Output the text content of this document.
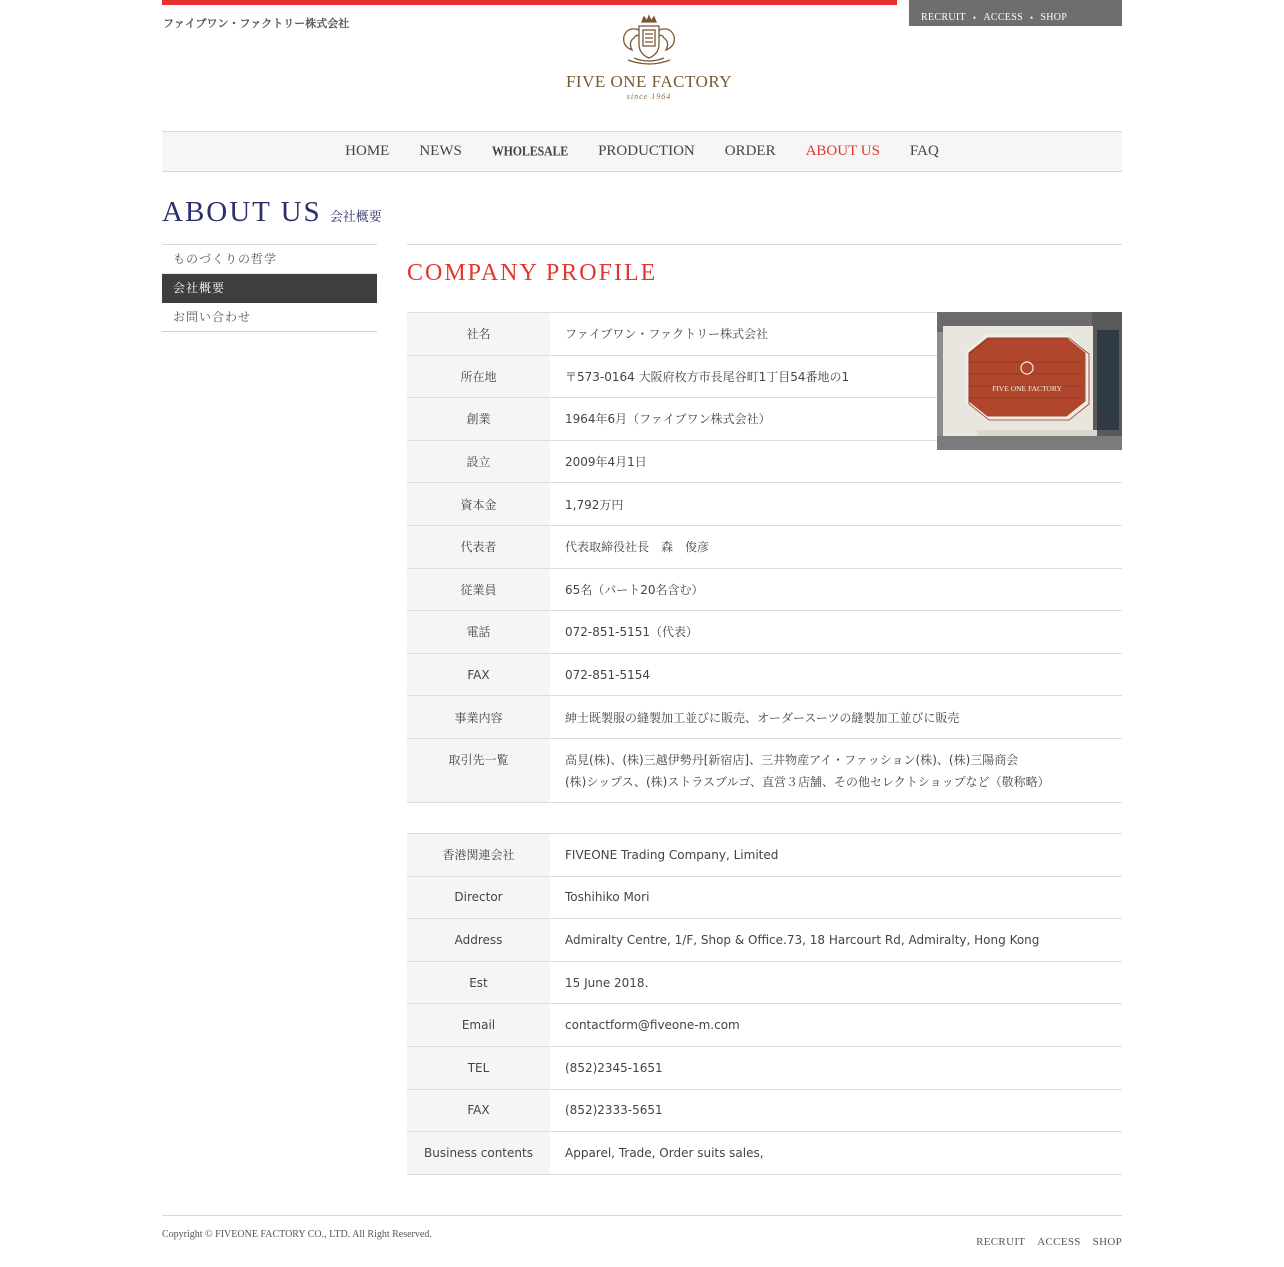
ファイブワン・ファクトリー株式会社	RECRUIT • ACCESS • SHOP
FIVE ONE FACTORY
since 1964
HOME NEWS	WHOLESALE PRODUCTION ORDER ABOUT US FAQ
ABOUT US 会社概要
ものづくりの哲学
会社概要
お問い合わせ
COMPANY PROFILE
社名	ファイブワン・ファクトリー株式会社
所在地	〒573-0164 大阪府枚方市長尾谷町1丁目54番地の1
創業	1964年6月（ファイブワン株式会社）
設立	2009年4月1日
資本金	1,792万円
代表者	代表取締役社長　森　俊彦
従業員	65名（パート20名含む）
電話	072-851-5151（代表）
FAX	072-851-5154
事業内容	紳士既製服の縫製加工並びに販売、オーダースーツの縫製加工並びに販売
取引先一覧	高見(株)、(株)三越伊勢丹[新宿店]、三井物産アイ・ファッション(株)、(株)三陽商会
(株)シップス、(株)ストラスブルゴ、直営３店舗、その他セレクトショップなど（敬称略）
FIVE ONE FACTORY
香港関連会社	FIVEONE Trading Company, Limited
Director	Toshihiko Mori
Address	Admiralty Centre, 1/F, Shop & Office.73, 18 Harcourt Rd, Admiralty, Hong Kong
Est	15 June 2018.
Email	contactform@fiveone-m.com
TEL	(852)2345-1651
FAX	(852)2333-5651
Business contents	Apparel, Trade, Order suits sales,
Copyright © FIVEONE FACTORY CO., LTD. All Right Reserved.
RECRUIT ACCESS SHOP
